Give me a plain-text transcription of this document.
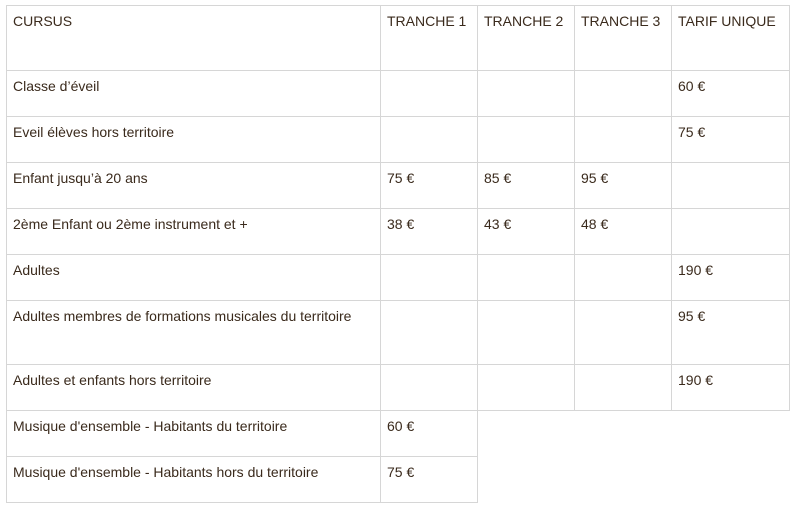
CURSUS	TRANCHE 1	TRANCHE 2	TRANCHE 3	TARIF UNIQUE
Classe d’éveil				60 €
Eveil élèves hors territoire				75 €
Enfant jusqu’à 20 ans	75 €	85 €	95 €	
2ème Enfant ou 2ème instrument et +	38 €	43 €	48 €	
Adultes				190 €
Adultes membres de formations musicales du territoire				95 €
Adultes et enfants hors territoire				190 €
Musique d'ensemble - Habitants du territoire	60 €			
Musique d'ensemble - Habitants hors du territoire	75 €			
